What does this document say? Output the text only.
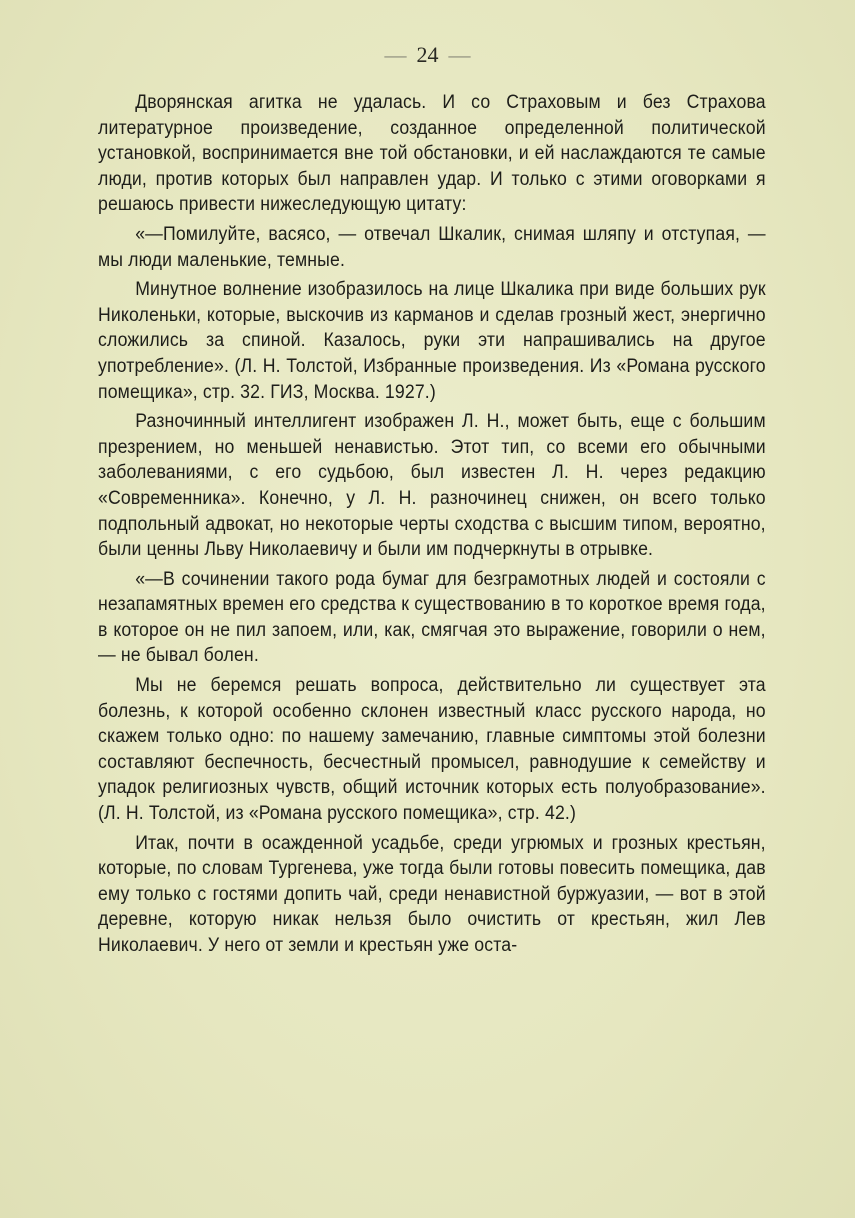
— 24 —

Дворянская агитка не удалась. И со Страховым и без Страхова литературное произведение, созданное определенной политической установкой, воспринимается вне той обстановки, и ей наслаждаются те самые люди, против которых был направлен удар. И только с этими оговорками я решаюсь привести нижеследующую цитату:

«—Помилуйте, васясо, — отвечал Шкалик, снимая шляпу и отступая, — мы люди маленькие, темные.

Минутное волнение изобразилось на лице Шкалика при виде больших рук Николеньки, которые, выскочив из карманов и сделав грозный жест, энергично сложились за спиной. Казалось, руки эти напрашивались на другое употребление». (Л. Н. Толстой, Избранные произведения. Из «Романа русского помещика», стр. 32. ГИЗ, Москва. 1927.)

Разночинный интеллигент изображен Л. Н., может быть, еще с большим презрением, но меньшей ненавистью. Этот тип, со всеми его обычными заболеваниями, с его судьбою, был известен Л. Н. через редакцию «Современника». Конечно, у Л. Н. разночинец снижен, он всего только подпольный адвокат, но некоторые черты сходства с высшим типом, вероятно, были ценны Льву Николаевичу и были им подчеркнуты в отрывке.

«—В сочинении такого рода бумаг для безграмотных людей и состояли с незапамятных времен его средства к существованию в то короткое время года, в которое он не пил запоем, или, как, смягчая это выражение, говорили о нем, — не бывал болен.

Мы не беремся решать вопроса, действительно ли существует эта болезнь, к которой особенно склонен известный класс русского народа, но скажем только одно: по нашему замечанию, главные симптомы этой болезни составляют беспечность, бесчестный промысел, равнодушие к семейству и упадок религиозных чувств, общий источник которых есть полуобразование». (Л. Н. Толстой, из «Романа русского помещика», стр. 42.)

Итак, почти в осажденной усадьбе, среди угрюмых и грозных крестьян, которые, по словам Тургенева, уже тогда были готовы повесить помещика, дав ему только с гостями допить чай, среди ненавистной буржуазии, — вот в этой деревне, которую никак нельзя было очистить от крестьян, жил Лев Николаевич. У него от земли и крестьян уже оста-
